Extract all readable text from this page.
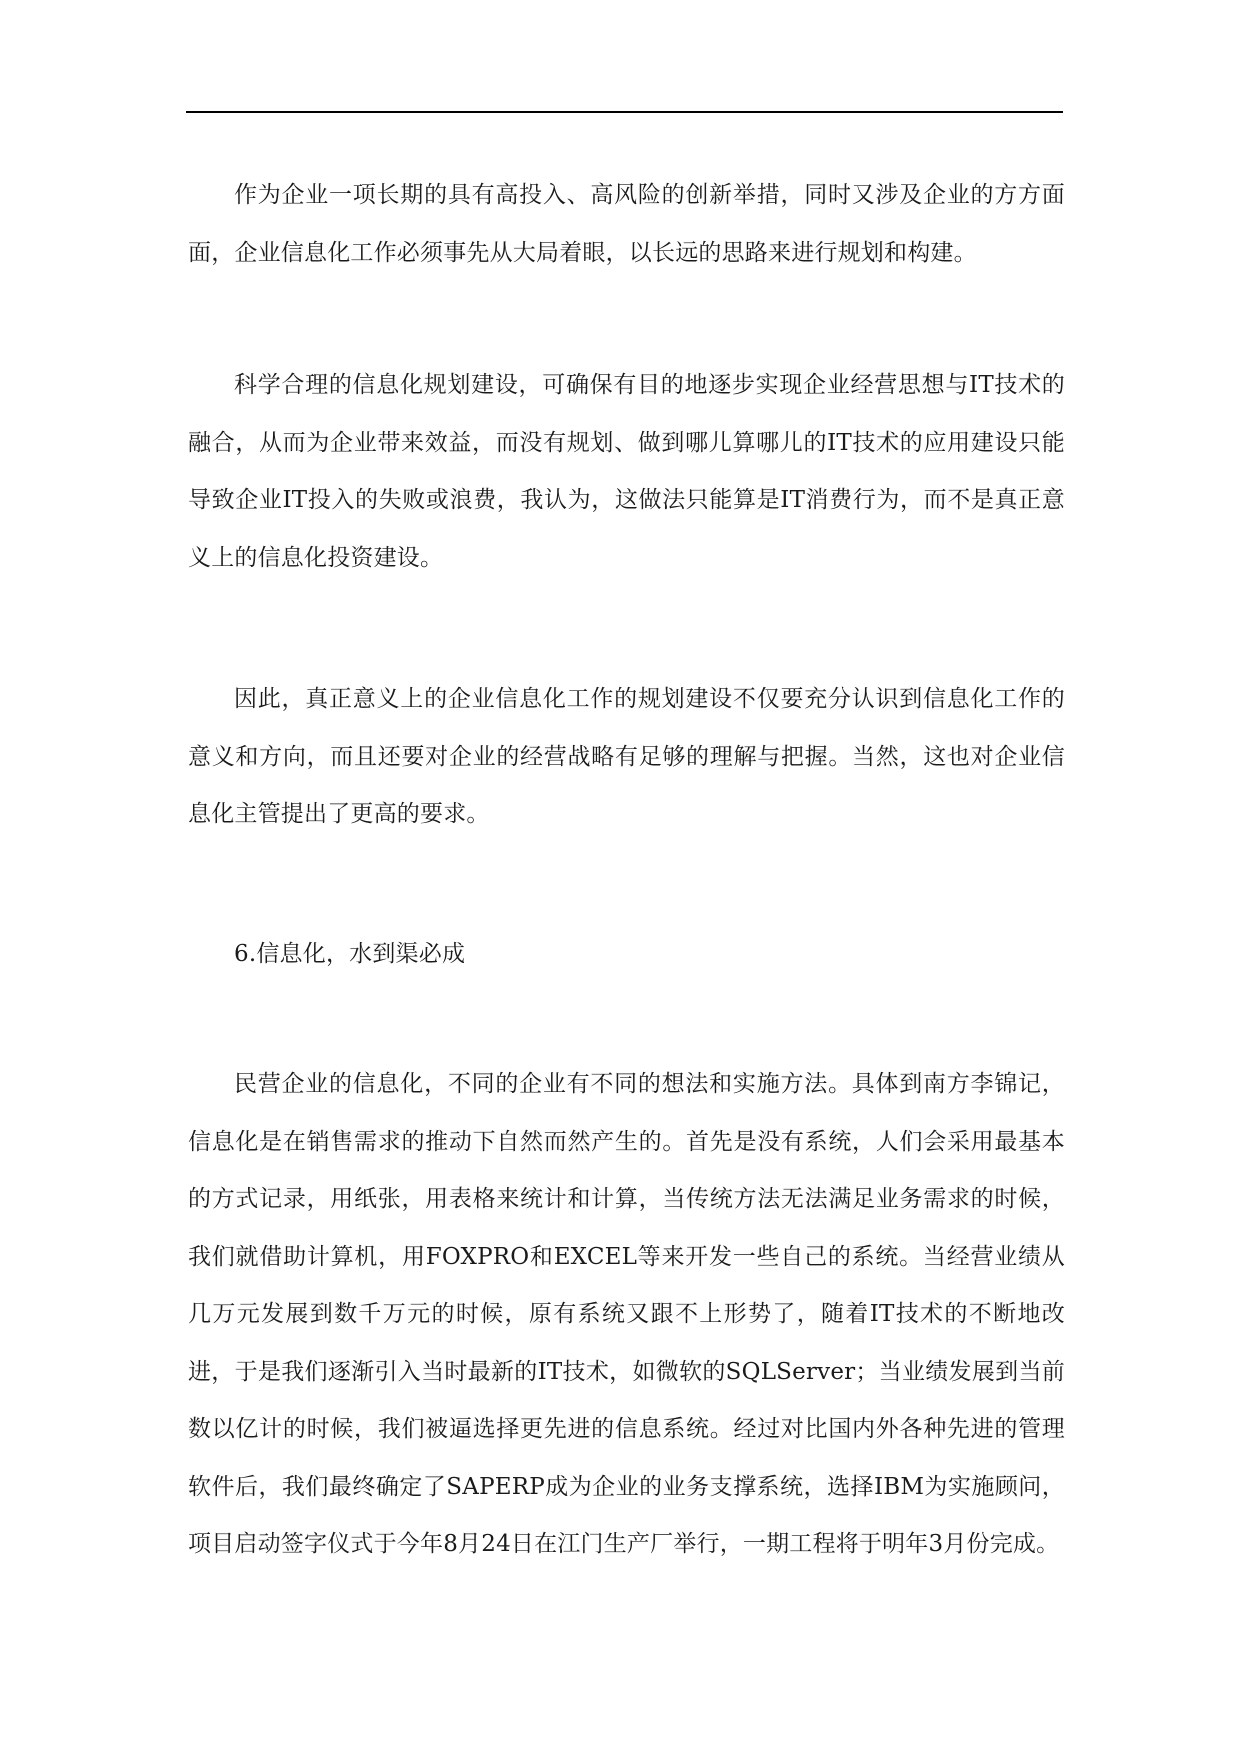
作为企业一项长期的具有高投入、高风险的创新举措，同时又涉及企业的方方面面，企业信息化工作必须事先从大局着眼，以长远的思路来进行规划和构建。

科学合理的信息化规划建设，可确保有目的地逐步实现企业经营思想与IT技术的融合，从而为企业带来效益，而没有规划、做到哪儿算哪儿的IT技术的应用建设只能导致企业IT投入的失败或浪费，我认为，这做法只能算是IT消费行为，而不是真正意义上的信息化投资建设。

因此，真正意义上的企业信息化工作的规划建设不仅要充分认识到信息化工作的意义和方向，而且还要对企业的经营战略有足够的理解与把握。当然，这也对企业信息化主管提出了更高的要求。

6.信息化，水到渠必成

民营企业的信息化，不同的企业有不同的想法和实施方法。具体到南方李锦记，信息化是在销售需求的推动下自然而然产生的。首先是没有系统，人们会采用最基本的方式记录，用纸张，用表格来统计和计算，当传统方法无法满足业务需求的时候，我们就借助计算机，用FOXPRO和EXCEL等来开发一些自己的系统。当经营业绩从几万元发展到数千万元的时候，原有系统又跟不上形势了，随着IT技术的不断地改进，于是我们逐渐引入当时最新的IT技术，如微软的SQLServer；当业绩发展到当前数以亿计的时候，我们被逼选择更先进的信息系统。经过对比国内外各种先进的管理软件后，我们最终确定了SAPERP成为企业的业务支撑系统，选择IBM为实施顾问，项目启动签字仪式于今年8月24日在江门生产厂举行，一期工程将于明年3月份完成。
